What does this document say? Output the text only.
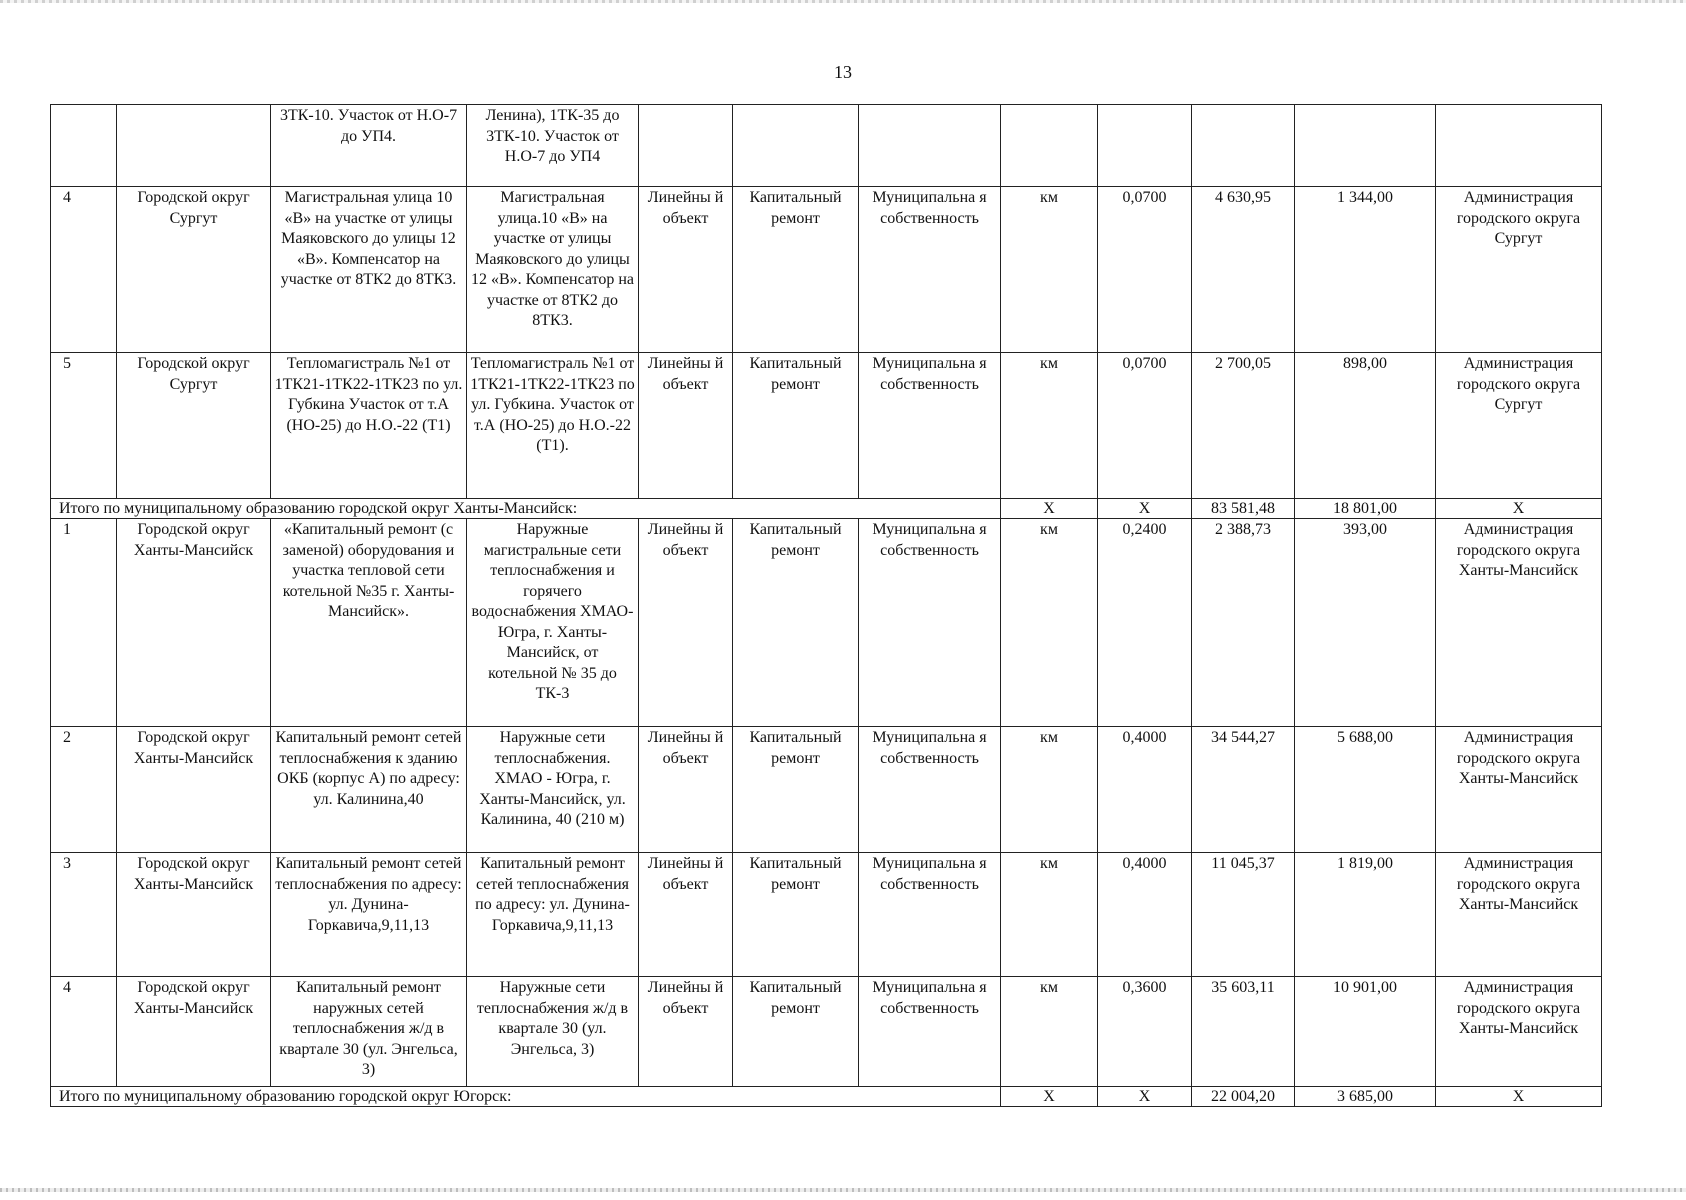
13
		3ТК-10. Участок от Н.О-7 до УП4.	Ленина), 1ТК-35 до 3ТК-10. Участок от Н.О-7 до УП4								
4	Городской округ Сургут	Магистральная улица 10 «В» на участке от улицы Маяковского до улицы 12 «В». Компенсатор на участке от 8ТК2 до 8ТК3.	Магистральная улица.10 «В» на участке от улицы Маяковского до улицы 12 «В». Компенсатор на участке от 8ТК2 до 8ТК3.	Линейны й объект	Капитальный ремонт	Муниципальна я собственность	км	0,0700	4 630,95	1 344,00	Администрация городского округа Сургут
5	Городской округ Сургут	Тепломагистраль №1 от 1ТК21-1ТК22-1ТК23 по ул. Губкина Участок от т.А (НО-25) до Н.О.-22 (Т1)	Тепломагистраль №1 от 1ТК21-1ТК22-1ТК23 по ул. Губкина. Участок от т.А (НО-25) до Н.О.-22 (Т1).	Линейны й объект	Капитальный ремонт	Муниципальна я собственность	км	0,0700	2 700,05	898,00	Администрация городского округа Сургут
Итого по муниципальному образованию городской округ Ханты-Мансийск:							Х	Х	83 581,48	18 801,00	Х
1	Городской округ Ханты-Мансийск	«Капитальный ремонт (с заменой) оборудования и участка тепловой сети котельной №35 г. Ханты-Мансийск».	Наружные магистральные сети теплоснабжения и горячего водоснабжения ХМАО-Югра, г. Ханты-Мансийск, от котельной № 35 до ТК-3	Линейны й объект	Капитальный ремонт	Муниципальна я собственность	км	0,2400	2 388,73	393,00	Администрация городского округа Ханты-Мансийск
2	Городской округ Ханты-Мансийск	Капитальный ремонт сетей теплоснабжения к зданию ОКБ (корпус А) по адресу: ул. Калинина,40	Наружные сети теплоснабжения. ХМАО - Югра, г. Ханты-Мансийск, ул. Калинина, 40 (210 м)	Линейны й объект	Капитальный ремонт	Муниципальна я собственность	км	0,4000	34 544,27	5 688,00	Администрация городского округа Ханты-Мансийск
3	Городской округ Ханты-Мансийск	Капитальный ремонт сетей теплоснабжения по адресу: ул. Дунина-Горкавича,9,11,13	Капитальный ремонт сетей теплоснабжения по адресу: ул. Дунина-Горкавича,9,11,13	Линейны й объект	Капитальный ремонт	Муниципальна я собственность	км	0,4000	11 045,37	1 819,00	Администрация городского округа Ханты-Мансийск
4	Городской округ Ханты-Мансийск	Капитальный ремонт наружных сетей теплоснабжения ж/д в квартале 30 (ул. Энгельса, 3)	Наружные сети теплоснабжения ж/д в квартале 30 (ул. Энгельса, 3)	Линейны й объект	Капитальный ремонт	Муниципальна я собственность	км	0,3600	35 603,11	10 901,00	Администрация городского округа Ханты-Мансийск
Итого по муниципальному образованию городской округ Югорск:							Х	Х	22 004,20	3 685,00	Х
